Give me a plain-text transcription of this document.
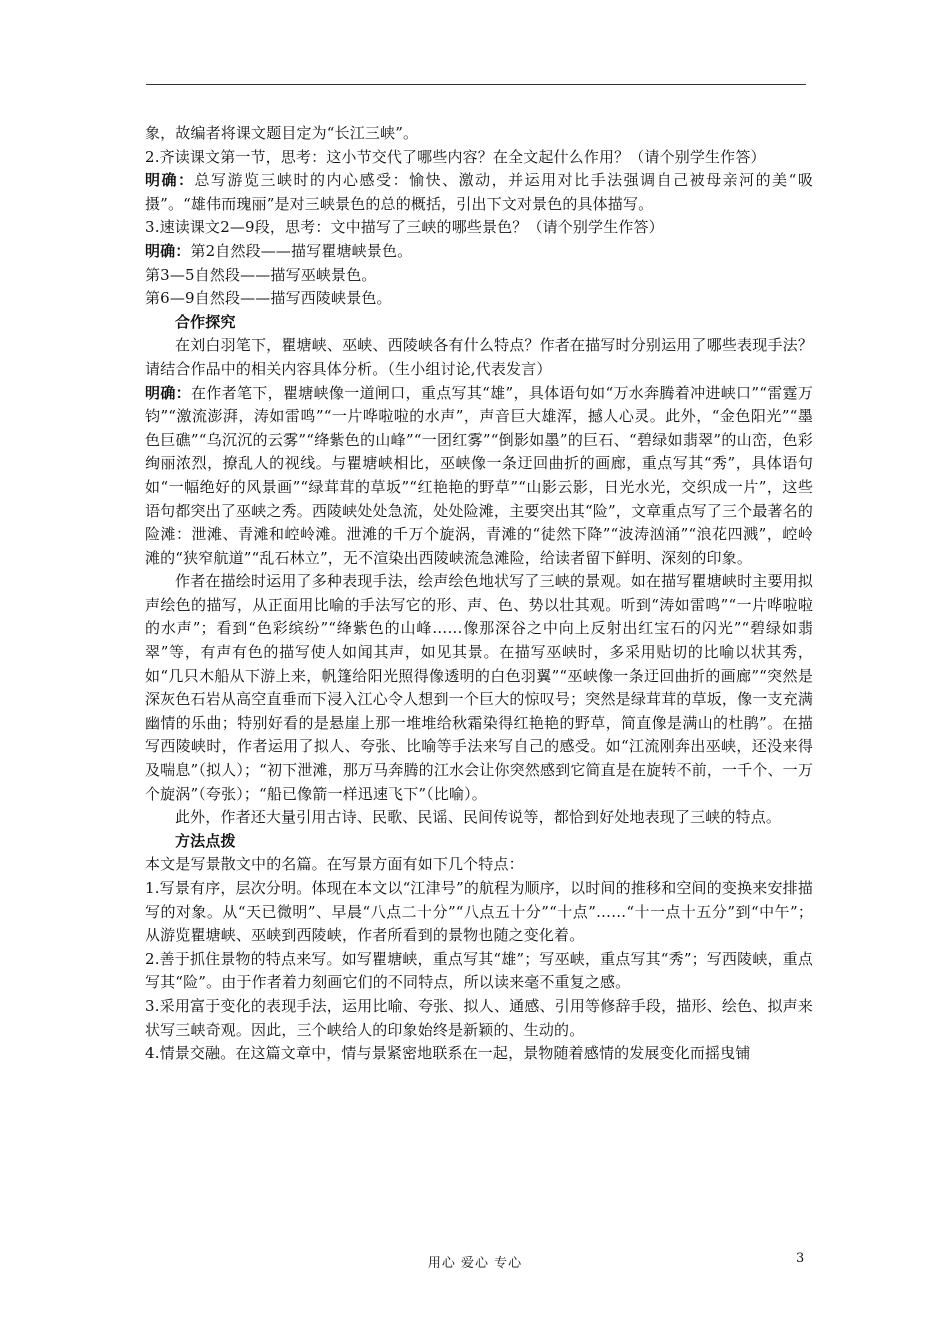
象，故编者将课文题目定为“长江三峡”。

2.齐读课文第一节，思考：这小节交代了哪些内容？在全文起什么作用？（请个别学生作答）

明确：总写游览三峡时的内心感受：愉快、激动，并运用对比手法强调自己被母亲河的美“吸摄”。“雄伟而瑰丽”是对三峡景色的总的概括，引出下文对景色的具体描写。

3.速读课文2—9段，思考：文中描写了三峡的哪些景色？（请个别学生作答）

明确：第2自然段——描写瞿塘峡景色。

第3—5自然段——描写巫峡景色。

第6—9自然段——描写西陵峡景色。

合作探究

在刘白羽笔下，瞿塘峡、巫峡、西陵峡各有什么特点？作者在描写时分别运用了哪些表现手法？请结合作品中的相关内容具体分析。（生小组讨论,代表发言）

明确：在作者笔下，瞿塘峡像一道闸口，重点写其“雄”，具体语句如“万水奔腾着冲进峡口”“雷霆万钧”“激流澎湃，涛如雷鸣”“一片哗啦啦的水声”，声音巨大雄浑，撼人心灵。此外，“金色阳光”“墨色巨礁”“乌沉沉的云雾”“绛紫色的山峰”“一团红雾”“倒影如墨”的巨石、“碧绿如翡翠”的山峦，色彩绚丽浓烈，撩乱人的视线。与瞿塘峡相比，巫峡像一条迂回曲折的画廊，重点写其“秀”，具体语句如“一幅绝好的风景画”“绿茸茸的草坂”“红艳艳的野草”“山影云影，日光水光，交织成一片”，这些语句都突出了巫峡之秀。西陵峡处处急流，处处险滩，主要突出其“险”，文章重点写了三个最著名的险滩：泄滩、青滩和崆岭滩。泄滩的千万个旋涡，青滩的“徒然下降”“波涛汹涌”“浪花四溅”，崆岭滩的“狭窄航道”“乱石林立”，无不渲染出西陵峡流急滩险，给读者留下鲜明、深刻的印象。

作者在描绘时运用了多种表现手法，绘声绘色地状写了三峡的景观。如在描写瞿塘峡时主要用拟声绘色的描写，从正面用比喻的手法写它的形、声、色、势以壮其观。听到“涛如雷鸣”“一片哗啦啦的水声”；看到“色彩缤纷”“绛紫色的山峰……像那深谷之中向上反射出红宝石的闪光”“碧绿如翡翠”等，有声有色的描写使人如闻其声，如见其景。在描写巫峡时，多采用贴切的比喻以状其秀，如“几只木船从下游上来，帆篷给阳光照得像透明的白色羽翼”“巫峡像一条迂回曲折的画廊”“突然是深灰色石岩从高空直垂而下浸入江心令人想到一个巨大的惊叹号；突然是绿茸茸的草坂，像一支充满幽情的乐曲；特别好看的是悬崖上那一堆堆给秋霜染得红艳艳的野草，简直像是满山的杜鹃”。在描写西陵峡时，作者运用了拟人、夸张、比喻等手法来写自己的感受。如“江流刚奔出巫峡，还没来得及喘息”（拟人）；“初下泄滩，那万马奔腾的江水会让你突然感到它简直是在旋转不前，一千个、一万个旋涡”（夸张）；“船已像箭一样迅速飞下”（比喻）。

此外，作者还大量引用古诗、民歌、民谣、民间传说等，都恰到好处地表现了三峡的特点。

方法点拨

本文是写景散文中的名篇。在写景方面有如下几个特点：

1.写景有序，层次分明。体现在本文以“江津号”的航程为顺序，以时间的推移和空间的变换来安排描写的对象。从“天已微明”、早晨“八点二十分”“八点五十分”“十点”……“十一点十五分”到“中午”；从游览瞿塘峡、巫峡到西陵峡，作者所看到的景物也随之变化着。

2.善于抓住景物的特点来写。如写瞿塘峡，重点写其“雄”；写巫峡，重点写其“秀”；写西陵峡，重点写其“险”。由于作者着力刻画它们的不同特点，所以读来毫不重复之感。

3.采用富于变化的表现手法，运用比喻、夸张、拟人、通感、引用等修辞手段，描形、绘色、拟声来状写三峡奇观。因此，三个峡给人的印象始终是新颖的、生动的。

4.情景交融。在这篇文章中，情与景紧密地联系在一起，景物随着感情的发展变化而摇曳铺

用心 爱心 专心	3
